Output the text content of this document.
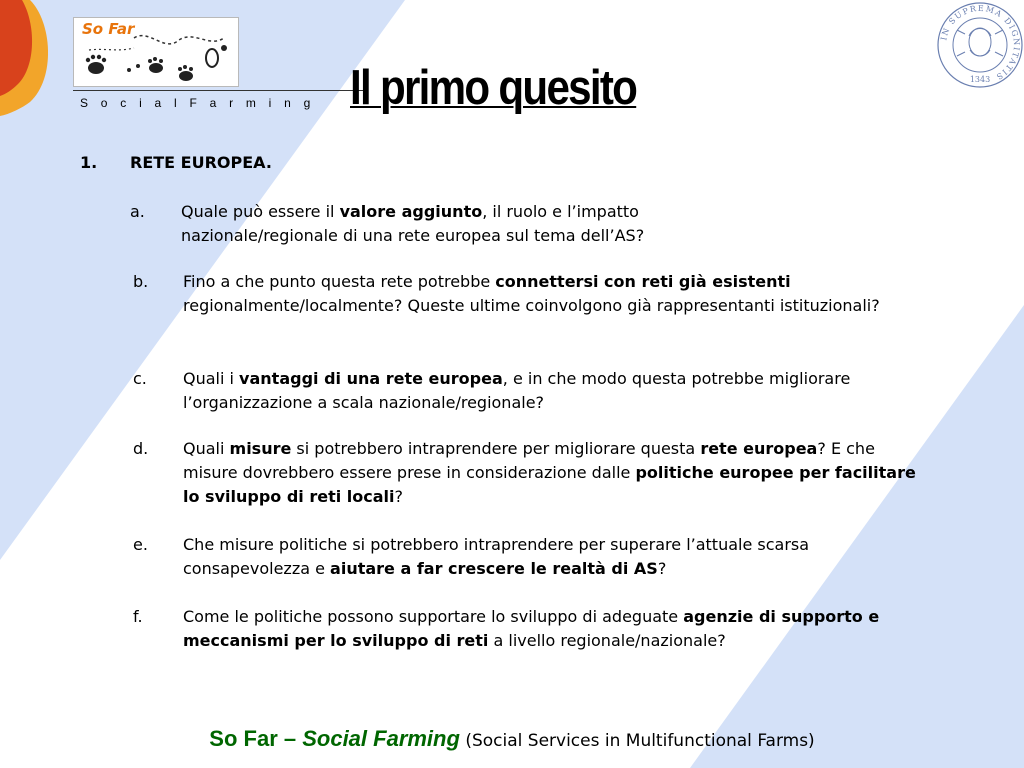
So Far
SocialFarming Il primo quesito
IN SUPREMA DIGNITATIS
1343
1. RETE EUROPEA.
a. Quale può essere il valore aggiunto, il ruolo e l’impatto nazionale/regionale di una rete europea sul tema dell’AS?
b. Fino a che punto questa rete potrebbe connettersi con reti già esistenti regionalmente/localmente? Queste ultime coinvolgono già rappresentanti istituzionali?
c. Quali i vantaggi di una rete europea, e in che modo questa potrebbe migliorare l’organizzazione a scala nazionale/regionale?
d. Quali misure si potrebbero intraprendere per migliorare questa rete europea? E che misure dovrebbero essere prese in considerazione dalle politiche europee per facilitare lo sviluppo di reti locali?
e. Che misure politiche si potrebbero intraprendere per superare l’attuale scarsa consapevolezza e aiutare a far crescere le realtà di AS?
f.	Come le politiche possono supportare lo sviluppo di adeguate agenzie di supporto e meccanismi per lo sviluppo di reti a livello regionale/nazionale?
So Far – Social Farming (Social Services in Multifunctional Farms)
